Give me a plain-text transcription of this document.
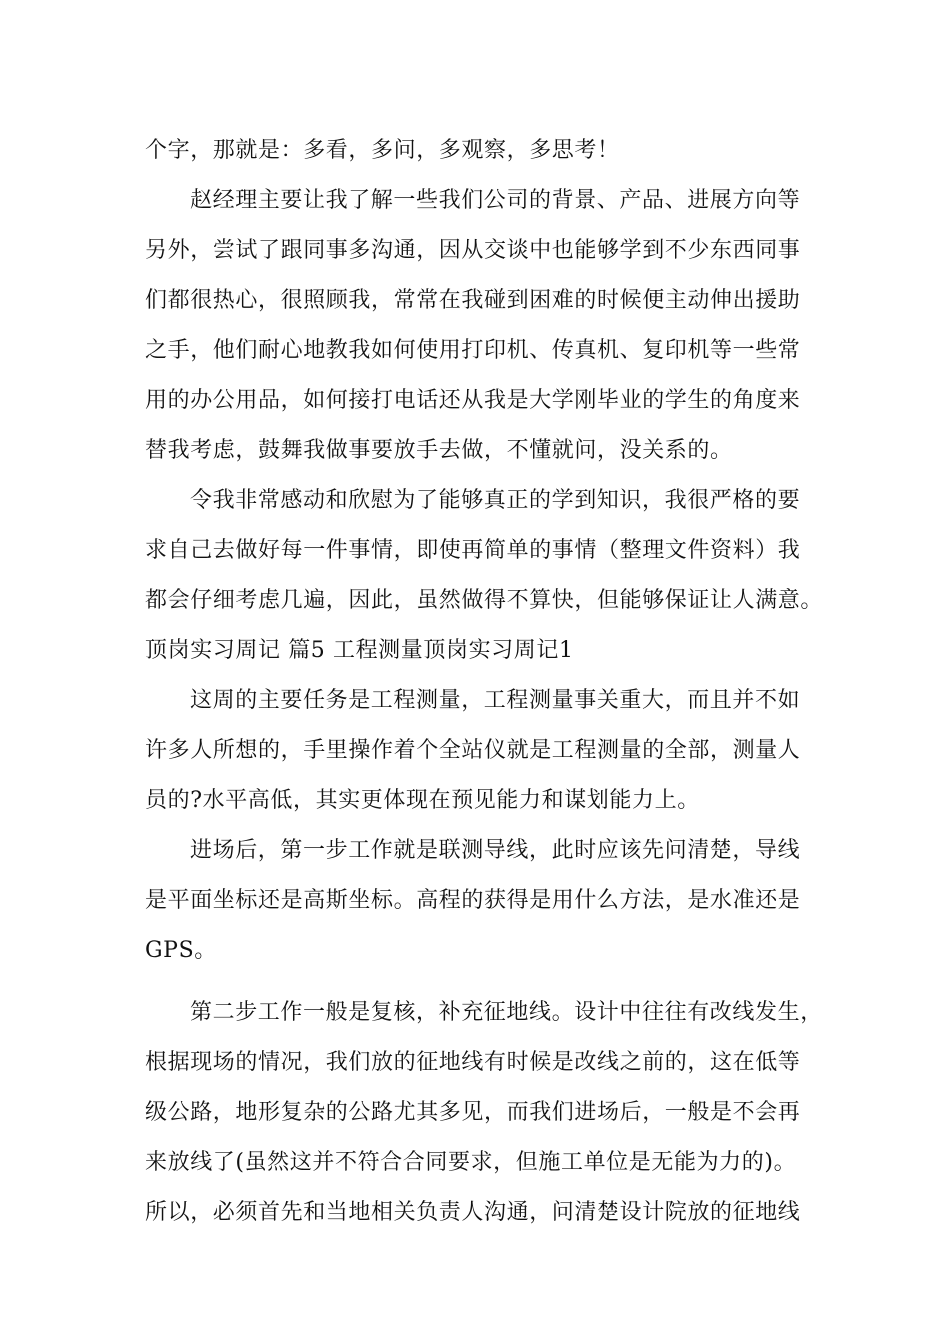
个字，那就是：多看，多问，多观察，多思考！
赵经理主要让我了解一些我们公司的背景、产品、进展方向等
另外，尝试了跟同事多沟通，因从交谈中也能够学到不少东西同事
们都很热心，很照顾我，常常在我碰到困难的时候便主动伸出援助
之手，他们耐心地教我如何使用打印机、传真机、复印机等一些常
用的办公用品，如何接打电话还从我是大学刚毕业的学生的角度来
替我考虑，鼓舞我做事要放手去做，不懂就问，没关系的。
令我非常感动和欣慰为了能够真正的学到知识，我很严格的要
求自己去做好每一件事情，即使再简单的事情（整理文件资料）我
都会仔细考虑几遍，因此，虽然做得不算快，但能够保证让人满意。
顶岗实习周记 篇5 工程测量顶岗实习周记1
这周的主要任务是工程测量，工程测量事关重大，而且并不如
许多人所想的，手里操作着个全站仪就是工程测量的全部，测量人
员的?水平高低，其实更体现在预见能力和谋划能力上。
进场后，第一步工作就是联测导线，此时应该先问清楚，导线
是平面坐标还是高斯坐标。高程的获得是用什么方法，是水准还是
GPS。
第二步工作一般是复核，补充征地线。设计中往往有改线发生，
根据现场的情况，我们放的征地线有时候是改线之前的，这在低等
级公路，地形复杂的公路尤其多见，而我们进场后，一般是不会再
来放线了(虽然这并不符合合同要求，但施工单位是无能为力的)。
所以，必须首先和当地相关负责人沟通，问清楚设计院放的征地线
